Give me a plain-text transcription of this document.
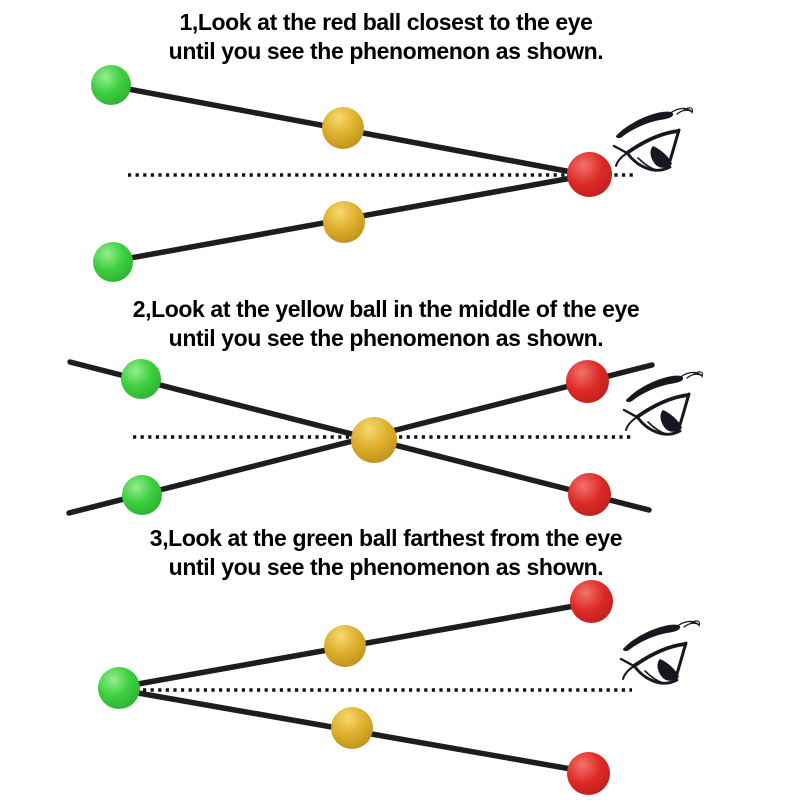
1,Look at the red ball closest to the eye
until you see the phenomenon as shown.
2,Look at the yellow ball in the middle of the eye
until you see the phenomenon as shown.
3,Look at the green ball farthest from the eye
until you see the phenomenon as shown.
